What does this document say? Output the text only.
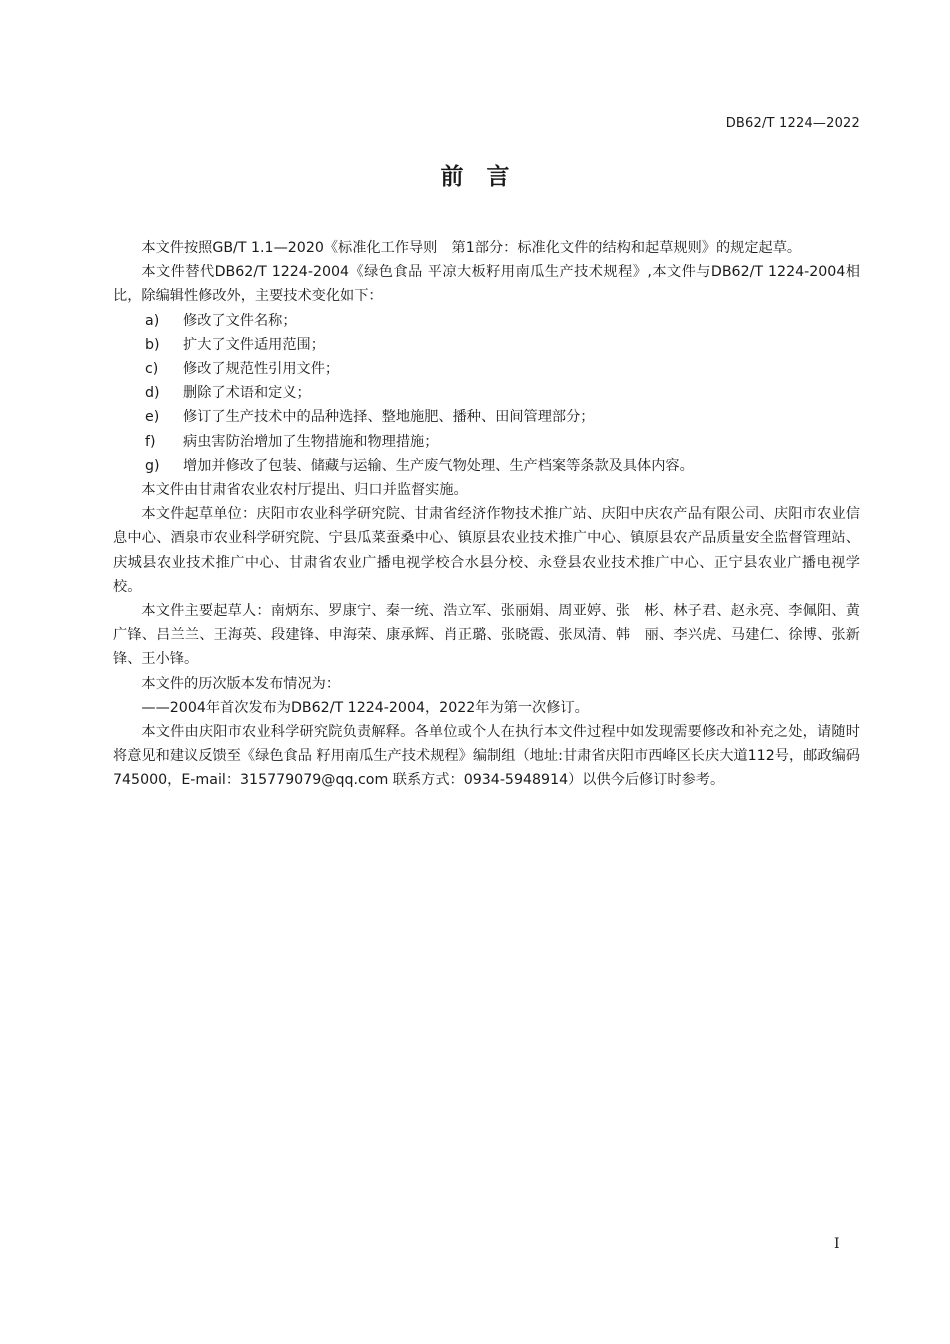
DB62/T 1224—2022
前　言

本文件按照GB/T 1.1—2020《标准化工作导则　第1部分：标准化文件的结构和起草规则》的规定起草。

本文件替代DB62/T 1224-2004《绿色食品 平凉大板籽用南瓜生产技术规程》,本文件与DB62/T 1224-2004相比，除编辑性修改外，主要技术变化如下：

a) 修改了文件名称；
b) 扩大了文件适用范围；
c) 修改了规范性引用文件；
d) 删除了术语和定义；
e) 修订了生产技术中的品种选择、整地施肥、播种、田间管理部分；
f) 病虫害防治增加了生物措施和物理措施；
g) 增加并修改了包装、储藏与运输、生产废气物处理、生产档案等条款及具体内容。

本文件由甘肃省农业农村厅提出、归口并监督实施。

本文件起草单位：庆阳市农业科学研究院、甘肃省经济作物技术推广站、庆阳中庆农产品有限公司、庆阳市农业信息中心、酒泉市农业科学研究院、宁县瓜菜蚕桑中心、镇原县农业技术推广中心、镇原县农产品质量安全监督管理站、庆城县农业技术推广中心、甘肃省农业广播电视学校合水县分校、永登县农业技术推广中心、正宁县农业广播电视学校。

本文件主要起草人：南炳东、罗康宁、秦一统、浩立军、张丽娟、周亚婷、张　彬、林子君、赵永亮、李佩阳、黄广锋、吕兰兰、王海英、段建锋、申海荣、康承辉、肖正璐、张晓霞、张凤清、韩　丽、李兴虎、马建仁、徐博、张新锋、王小锋。

本文件的历次版本发布情况为：

——2004年首次发布为DB62/T 1224-2004，2022年为第一次修订。

本文件由庆阳市农业科学研究院负责解释。各单位或个人在执行本文件过程中如发现需要修改和补充之处，请随时将意见和建议反馈至《绿色食品 籽用南瓜生产技术规程》编制组（地址:甘肃省庆阳市西峰区长庆大道112号，邮政编码 745000，E-mail：315779079@qq.com 联系方式：0934-5948914）以供今后修订时参考。

I
